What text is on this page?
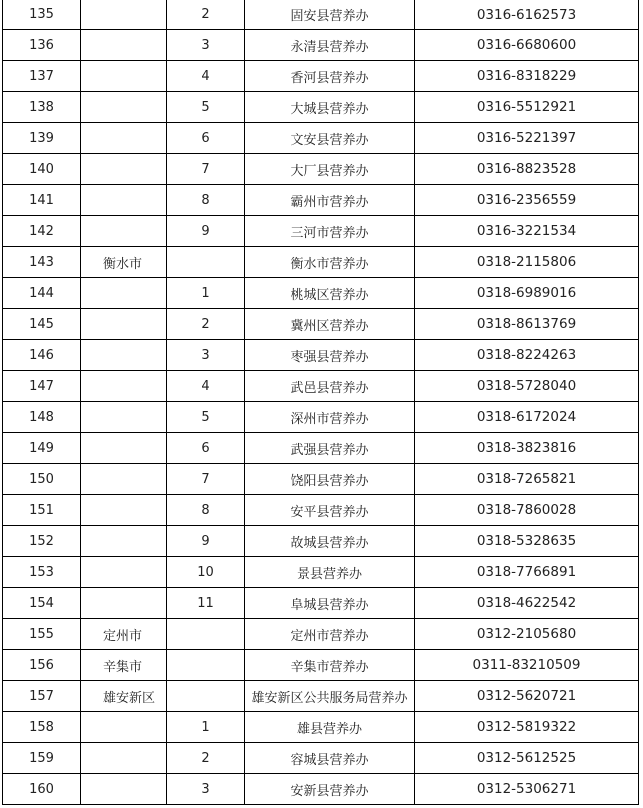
135		2	固安县营养办	0316-6162573
136		3	永清县营养办	0316-6680600
137		4	香河县营养办	0316-8318229
138		5	大城县营养办	0316-5512921
139		6	文安县营养办	0316-5221397
140		7	大厂县营养办	0316-8823528
141		8	霸州市营养办	0316-2356559
142		9	三河市营养办	0316-3221534
143	衡水市		衡水市营养办	0318-2115806
144		1	桃城区营养办	0318-6989016
145		2	冀州区营养办	0318-8613769
146		3	枣强县营养办	0318-8224263
147		4	武邑县营养办	0318-5728040
148		5	深州市营养办	0318-6172024
149		6	武强县营养办	0318-3823816
150		7	饶阳县营养办	0318-7265821
151		8	安平县营养办	0318-7860028
152		9	故城县营养办	0318-5328635
153		10	景县营养办	0318-7766891
154		11	阜城县营养办	0318-4622542
155	定州市		定州市营养办	0312-2105680
156	辛集市		辛集市营养办	0311-83210509
157	雄安新区		雄安新区公共服务局营养办	0312-5620721
158		1	雄县营养办	0312-5819322
159		2	容城县营养办	0312-5612525
160		3	安新县营养办	0312-5306271
